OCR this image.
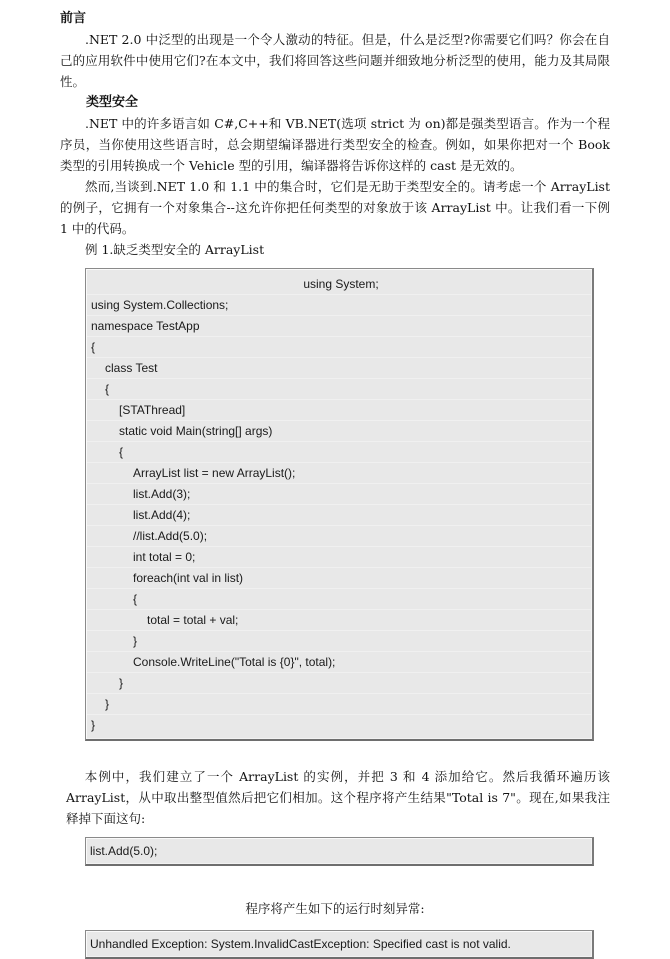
前言

.NET 2.0 中泛型的出现是一个令人激动的特征。但是，什么是泛型?你需要它们吗？你会在自己的应用软件中使用它们?在本文中，我们将回答这些问题并细致地分析泛型的使用，能力及其局限性。

类型安全

.NET 中的许多语言如 C#,C++和 VB.NET(选项 strict 为 on)都是强类型语言。作为一个程序员，当你使用这些语言时，总会期望编译器进行类型安全的检查。例如，如果你把对一个 Book 类型的引用转换成一个 Vehicle 型的引用，编译器将告诉你这样的 cast 是无效的。

然而,当谈到.NET 1.0 和 1.1 中的集合时，它们是无助于类型安全的。请考虑一个 ArrayList 的例子，它拥有一个对象集合--这允许你把任何类型的对象放于该 ArrayList 中。让我们看一下例 1 中的代码。

例 1.缺乏类型安全的 ArrayList

using System;
using System.Collections;
namespace TestApp
{
class Test
{
[STAThread]
static void Main(string[] args)
{
ArrayList list = new ArrayList();
list.Add(3);
list.Add(4);
//list.Add(5.0);
int total = 0;
foreach(int val in list)
{
total = total + val;
}
Console.WriteLine("Total is {0}", total);
}
}
}

本例中，我们建立了一个 ArrayList 的实例，并把 3 和 4 添加给它。然后我循环遍历该 ArrayList，从中取出整型值然后把它们相加。这个程序将产生结果"Total is 7"。现在,如果我注释掉下面这句:

list.Add(5.0);

程序将产生如下的运行时刻异常:

Unhandled Exception: System.InvalidCastException: Specified cast is not valid.
